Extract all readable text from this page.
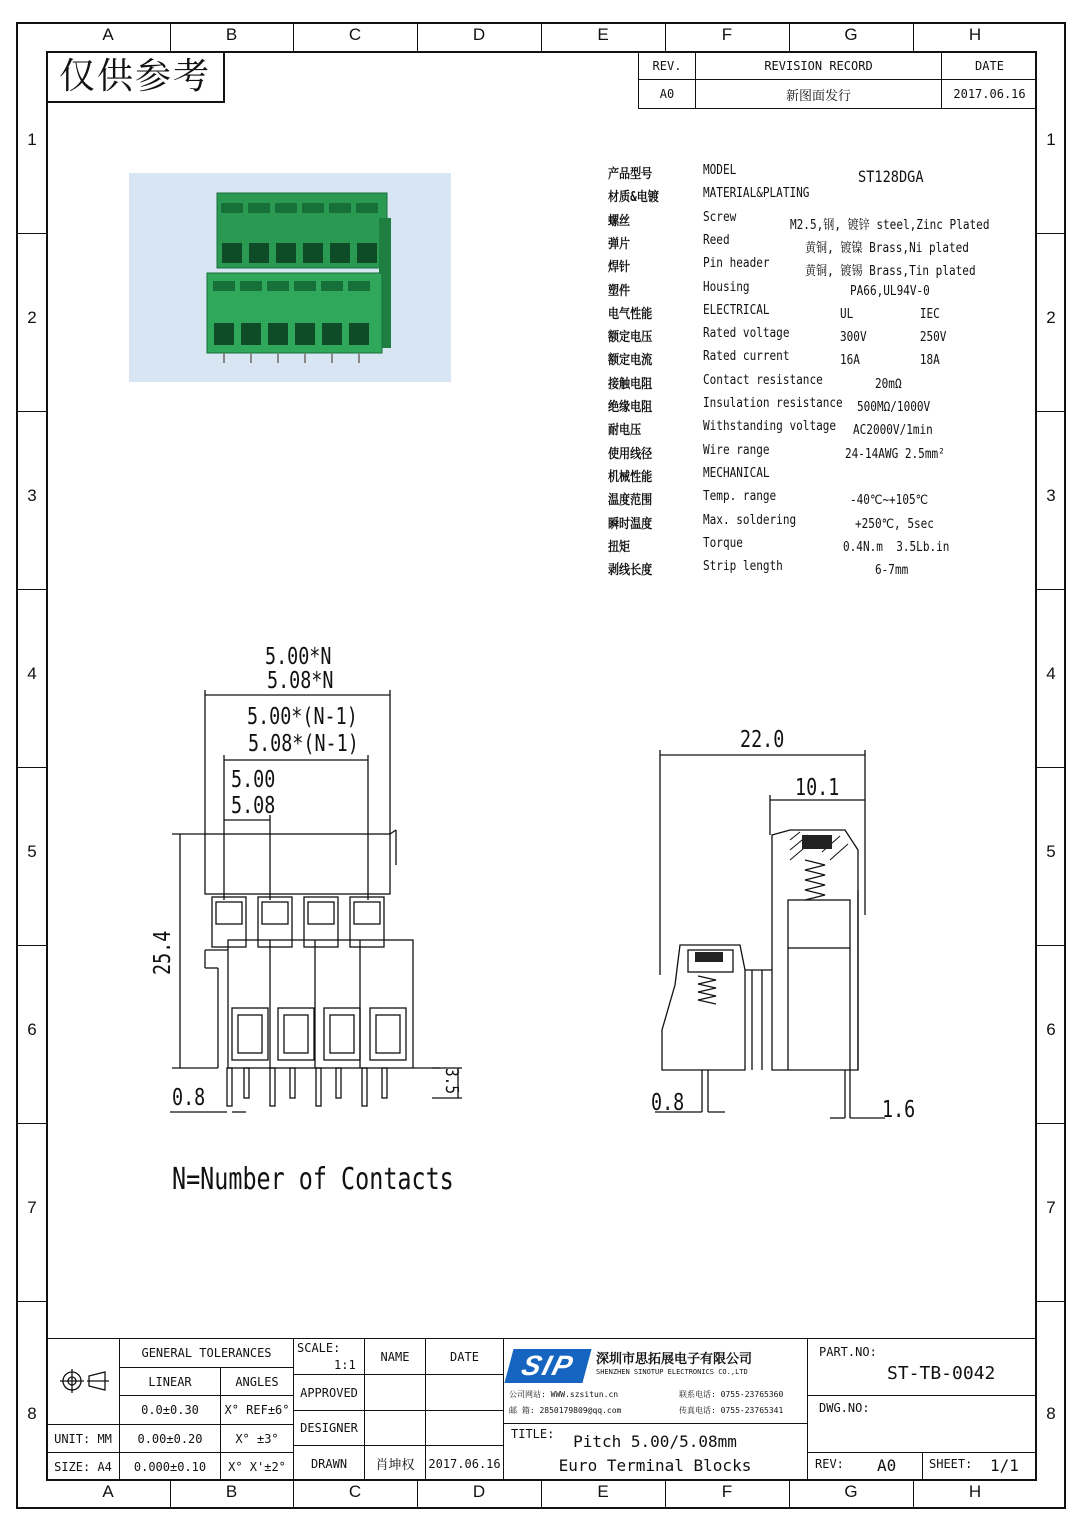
A	B	C	D	E	F	G	H
A	B	C	D	E	F	G	H
1
2
3
4
5
6
7
8
1
2
3
4
5
6
7
8
仅供参考	REV.	REVISION RECORD	DATE
A0	新图面发行	2017.06.16
产品型号	MODEL	ST128DGA
材质&电镀	MATERIAL&PLATING
螺丝	Screw
M2.5,钢, 镀锌 steel,Zinc Plated
弹片	Reed
黄铜, 镀镍 Brass,Ni plated
焊针	Pin header
黄铜, 镀锡 Brass,Tin plated
塑件	Housing	PA66,UL94V-0
电气性能	ELECTRICAL	UL          IEC
额定电压	Rated voltage	300V        250V
额定电流	Rated current	16A         18A
接触电阻	Contact resistance	20mΩ
绝缘电阻	Insulation resistance 500MΩ/1000V
耐电压	Withstanding voltage AC2000V/1min
使用线径	Wire range	24-14AWG 2.5mm²
机械性能	MECHANICAL
温度范围	Temp. range	-40℃~+105℃
瞬时温度	Max. soldering	+250℃, 5sec
扭矩	Torque	0.4N.m  3.5Lb.in
剥线长度	Strip length	6-7mm
5.00*N
5.08*N
5.00*(N-1)
5.08*(N-1)
5.00
5.08
25.4
0.8
3.5
22.0
10.1
0.8	1.6
N=Number of Contacts
GENERAL TOLERANCES
LINEAR	ANGLES
0.0±0.30	X° REF±6°
UNIT: MM	0.00±0.20	X° ±3°
SIZE: A4	0.000±0.10	X° X'±2°
SCALE:
1:1
NAME	DATE
APPROVED
DESIGNER
DRAWN	肖坤权	2017.06.16
SIP	深圳市思拓展电子有限公司
SHENZHEN SINOTUP ELECTRONICS CO.,LTD
公司网站: WWW.szsitun.cn
邮 箱: 2850179809@qq.com
联系电话: 0755-23765360
传真电话: 0755-23765341
TITLE:	Pitch 5.00/5.08mm
Euro Terminal Blocks
PART.NO:
ST-TB-0042
DWG.NO:
REV: A0	SHEET: 1/1
